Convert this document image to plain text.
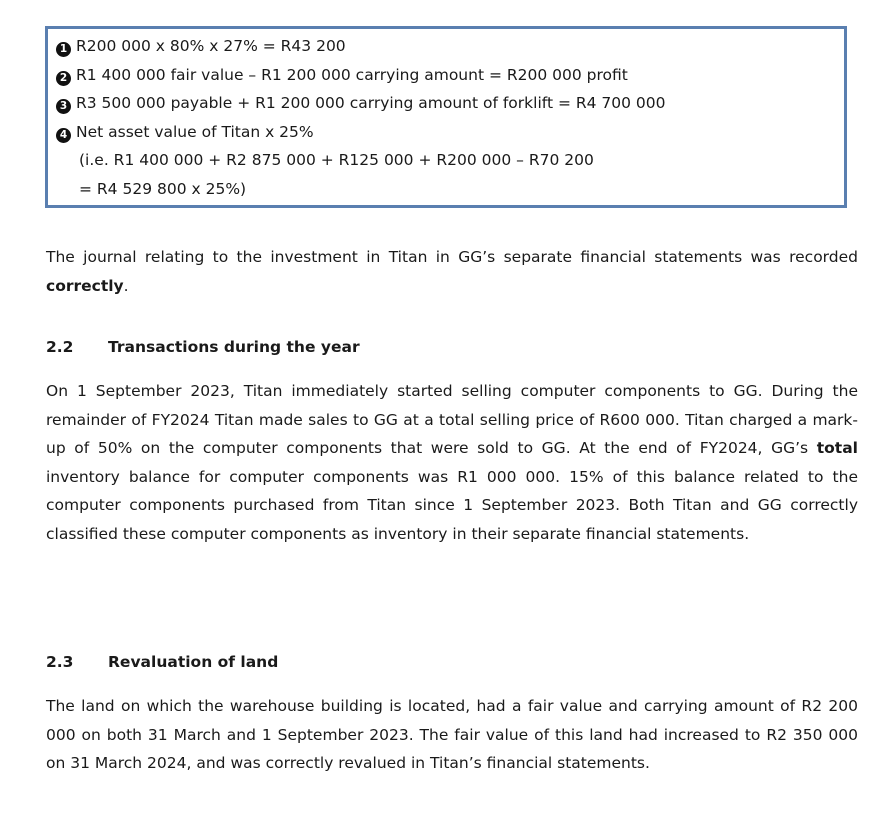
1 R200 000 x 80% x 27% = R43 200
2 R1 400 000 fair value – R1 200 000 carrying amount = R200 000 profit
3 R3 500 000 payable + R1 200 000 carrying amount of forklift = R4 700 000
4 Net asset value of Titan x 25%
(i.e. R1 400 000 + R2 875 000 + R125 000 + R200 000 – R70 200
= R4 529 800 x 25%)

The journal relating to the investment in Titan in GG’s separate financial statements was recorded correctly.

2.2 Transactions during the year

On 1 September 2023, Titan immediately started selling computer components to GG. During the remainder of FY2024 Titan made sales to GG at a total selling price of R600 000. Titan charged a mark-up of 50% on the computer components that were sold to GG. At the end of FY2024, GG’s total inventory balance for computer components was R1 000 000. 15% of this balance related to the computer components purchased from Titan since 1 September 2023. Both Titan and GG correctly classified these computer components as inventory in their separate financial statements.

2.3 Revaluation of land

The land on which the warehouse building is located, had a fair value and carrying amount of R2 200 000 on both 31 March and 1 September 2023. The fair value of this land had increased to R2 350 000 on 31 March 2024, and was correctly revalued in Titan’s financial statements.
